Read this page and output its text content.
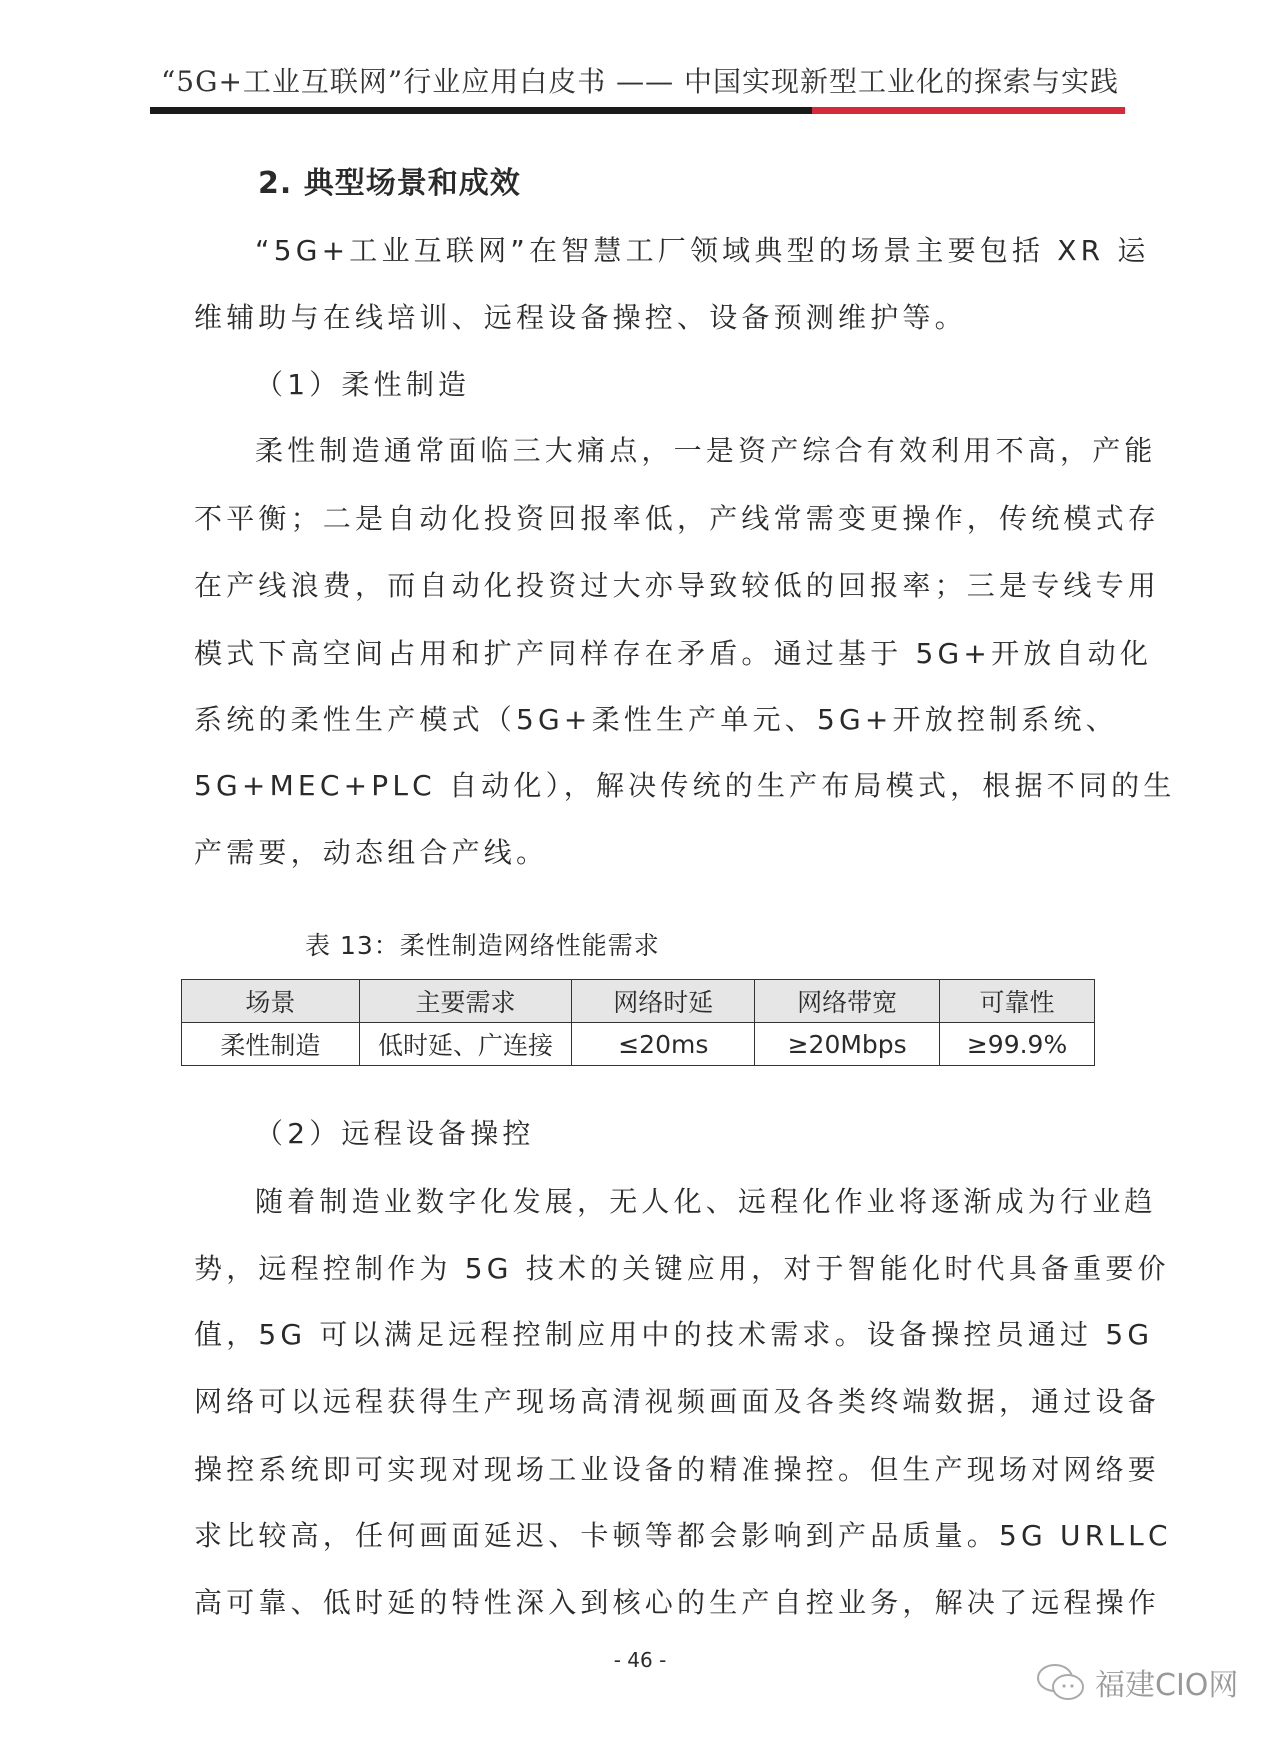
“5G+工业互联网”行业应用白皮书 —— 中国实现新型工业化的探索与实践
2. 典型场景和成效
“5G+工业互联网”在智慧工厂领域典型的场景主要包括 XR 运
维辅助与在线培训、远程设备操控、设备预测维护等。
（1）柔性制造
柔性制造通常面临三大痛点，一是资产综合有效利用不高，产能
不平衡；二是自动化投资回报率低，产线常需变更操作，传统模式存
在产线浪费，而自动化投资过大亦导致较低的回报率；三是专线专用
模式下高空间占用和扩产同样存在矛盾。通过基于 5G+开放自动化
系统的柔性生产模式（5G+柔性生产单元、5G+开放控制系统、
5G+MEC+PLC 自动化），解决传统的生产布局模式，根据不同的生
产需要，动态组合产线。
（2）远程设备操控
随着制造业数字化发展，无人化、远程化作业将逐渐成为行业趋
势，远程控制作为 5G 技术的关键应用，对于智能化时代具备重要价
值，5G 可以满足远程控制应用中的技术需求。设备操控员通过 5G
网络可以远程获得生产现场高清视频画面及各类终端数据，通过设备
操控系统即可实现对现场工业设备的精准操控。但生产现场对网络要
求比较高，任何画面延迟、卡顿等都会影响到产品质量。5G URLLC
高可靠、低时延的特性深入到核心的生产自控业务，解决了远程操作
表 13：柔性制造网络性能需求
场景	主要需求	网络时延	网络带宽	可靠性
柔性制造	低时延、广连接	≤20ms	≥20Mbps	≥99.9%
- 46 -
福建CIO网
